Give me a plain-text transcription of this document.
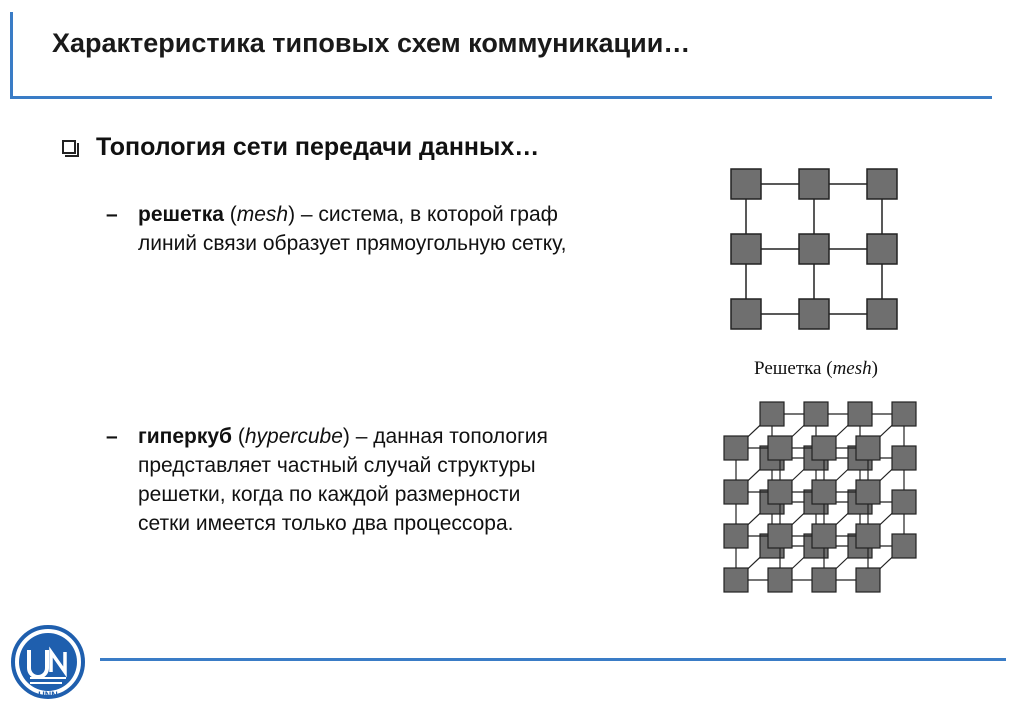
Характеристика типовых схем коммуникации…
Топология сети передачи данных…
– решетка (mesh) – система, в которой граф
линий связи образует прямоугольную сетку,
– гиперкуб (hypercube) – данная топология
представляет частный случай структуры
решетки, когда по каждой размерности
сетки имеется только два процессора.
Решетка (mesh)
UNN
